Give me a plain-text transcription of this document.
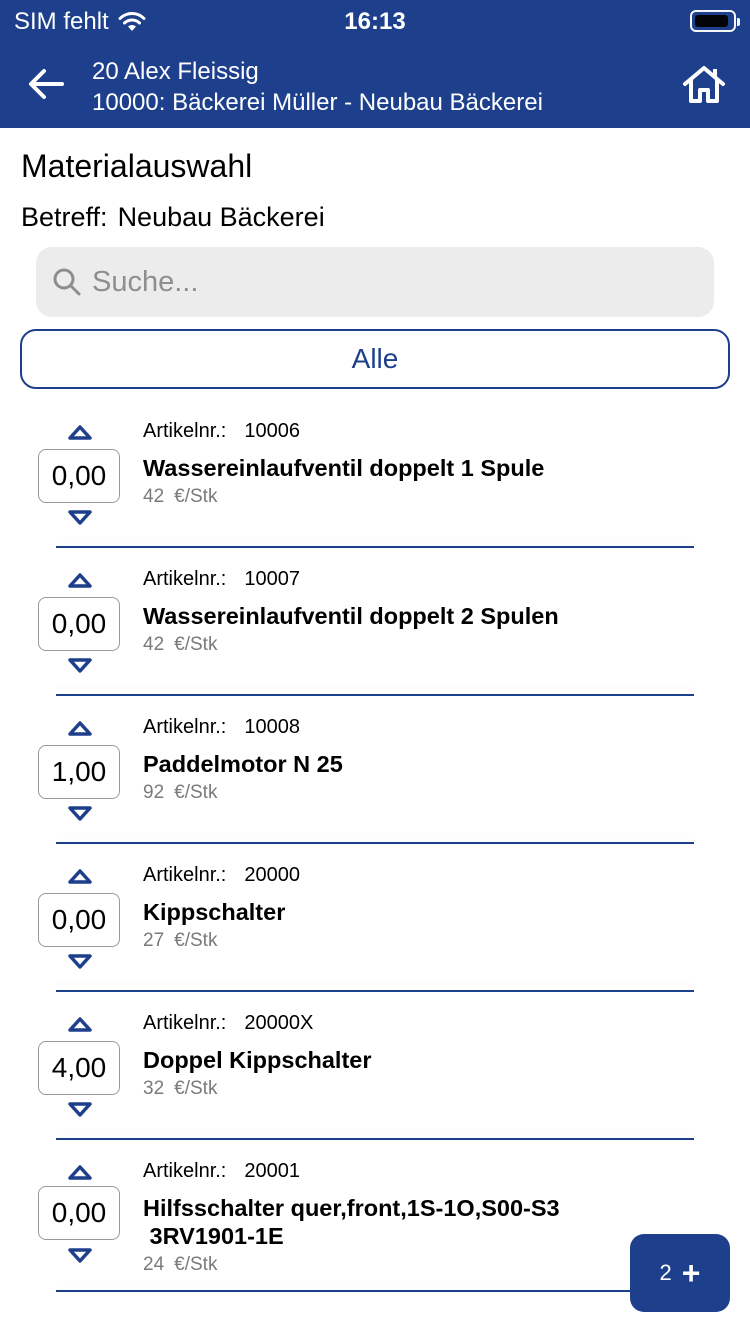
SIM fehlt	16:13
20 Alex Fleissig
10000: Bäckerei Müller - Neubau Bäckerei
Materialauswahl
Betreff: Neubau Bäckerei
Suche...
Alle
0,00
Artikelnr.: 10006
Wassereinlaufventil doppelt 1 Spule
42 €/Stk
0,00
Artikelnr.: 10007
Wassereinlaufventil doppelt 2 Spulen
42 €/Stk
1,00
Artikelnr.: 10008
Paddelmotor N 25
92 €/Stk
0,00
Artikelnr.: 20000
Kippschalter
27 €/Stk
4,00
Artikelnr.: 20000X
Doppel Kippschalter
32 €/Stk
0,00
Artikelnr.: 20001
Hilfsschalter quer,front,1S-1O,S00-S3
3RV1901-1E
24 €/Stk	2 +
